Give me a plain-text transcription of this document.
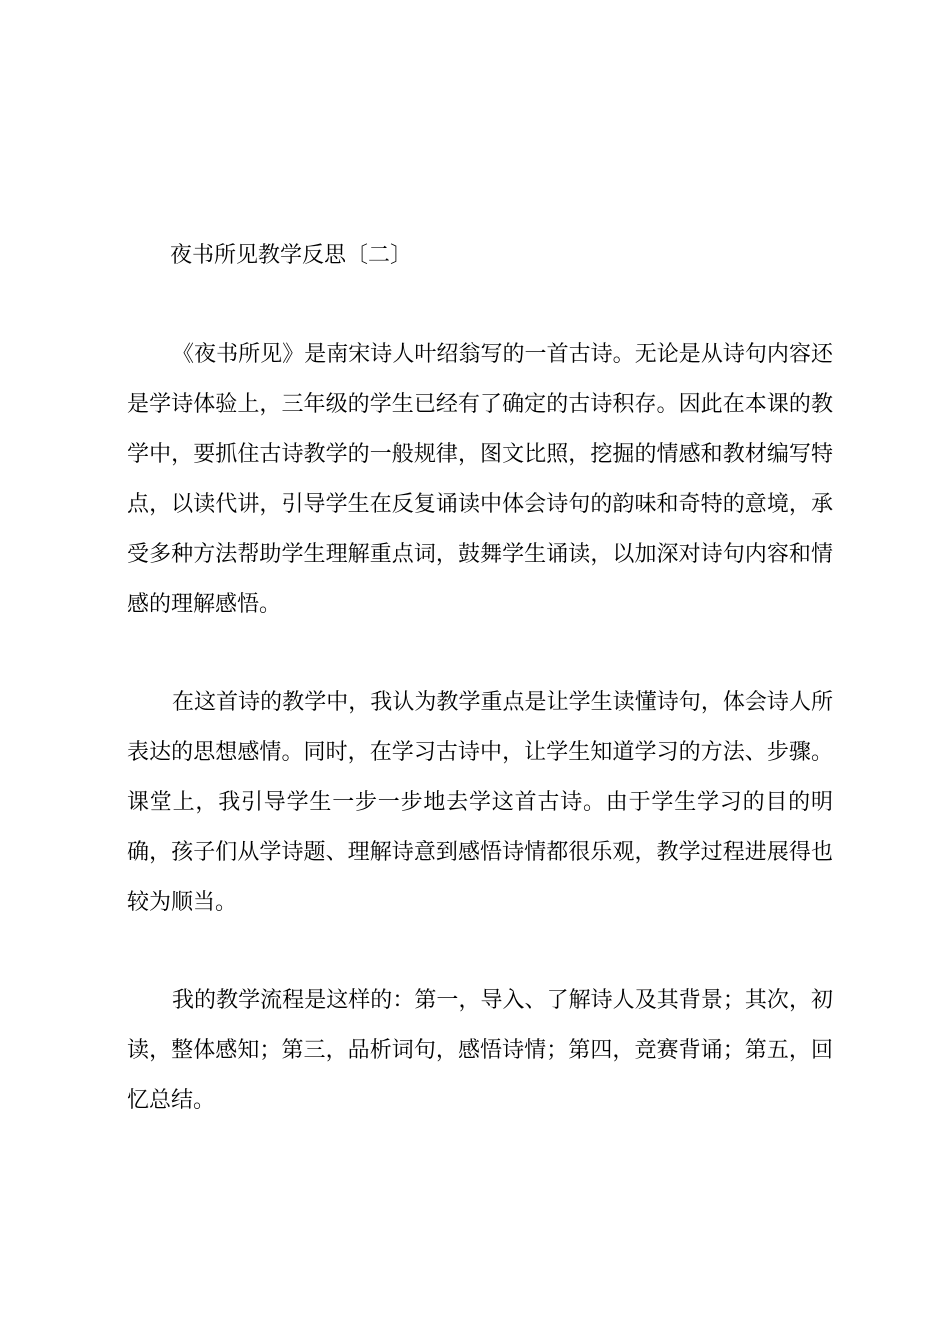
夜书所见教学反思〔二〕

《夜书所见》是南宋诗人叶绍翁写的一首古诗。无论是从诗句内容还是学诗体验上，三年级的学生已经有了确定的古诗积存。因此在本课的教学中，要抓住古诗教学的一般规律，图文比照，挖掘的情感和教材编写特点，以读代讲，引导学生在反复诵读中体会诗句的韵味和奇特的意境，承受多种方法帮助学生理解重点词，鼓舞学生诵读，以加深对诗句内容和情感的理解感悟。

在这首诗的教学中，我认为教学重点是让学生读懂诗句，体会诗人所表达的思想感情。同时，在学习古诗中，让学生知道学习的方法、步骤。课堂上，我引导学生一步一步地去学这首古诗。由于学生学习的目的明确，孩子们从学诗题、理解诗意到感悟诗情都很乐观，教学过程进展得也较为顺当。

我的教学流程是这样的：第一，导入、了解诗人及其背景；其次，初读，整体感知；第三，品析词句，感悟诗情；第四，竞赛背诵；第五，回忆总结。
